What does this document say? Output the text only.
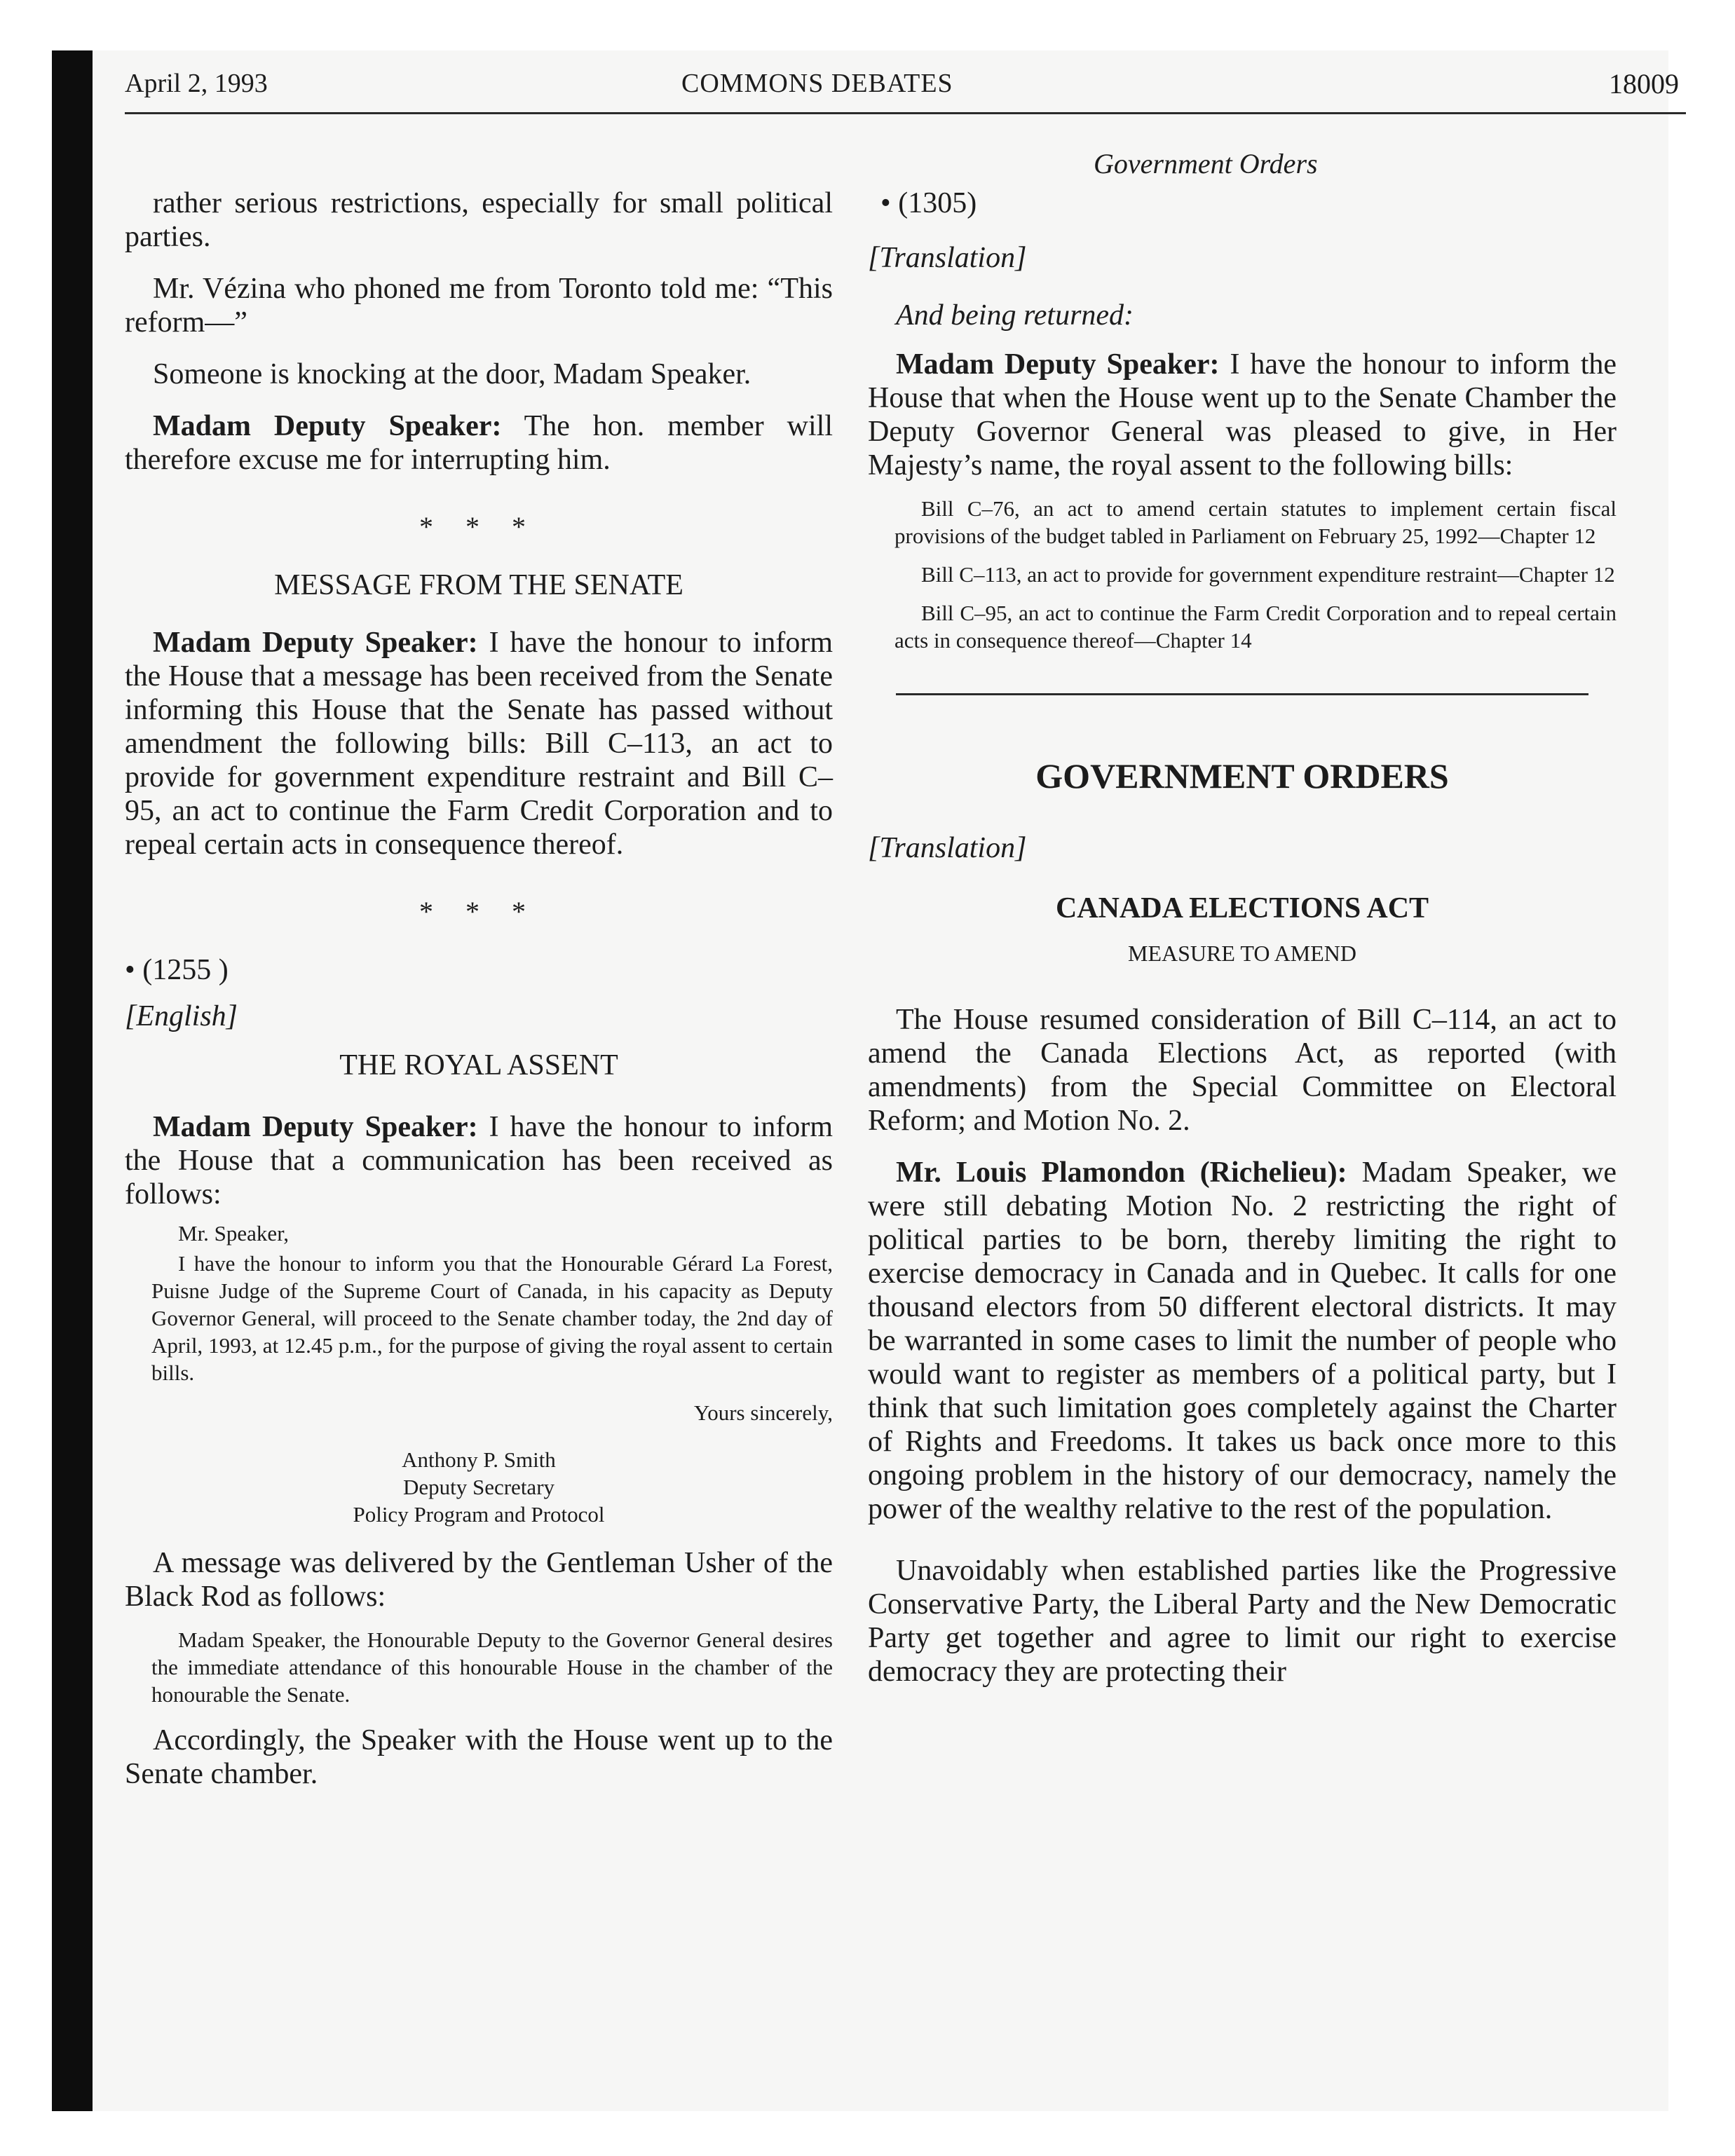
April 2, 1993	COMMONS DEBATES	18009
Government Orders

rather serious restrictions, especially for small political parties.

Mr. Vézina who phoned me from Toronto told me: “This reform—”

Someone is knocking at the door, Madam Speaker.

Madam Deputy Speaker: The hon. member will therefore excuse me for interrupting him.

* * *
MESSAGE FROM THE SENATE

Madam Deputy Speaker: I have the honour to inform the House that a message has been received from the Senate informing this House that the Senate has passed without amendment the following bills: Bill C–113, an act to provide for government expenditure restraint and Bill C–95, an act to continue the Farm Credit Corporation and to repeal certain acts in consequence thereof.

* * *

• (1255 )

[English]

THE ROYAL ASSENT

Madam Deputy Speaker: I have the honour to inform the House that a communication has been received as follows:

Mr. Speaker,

I have the honour to inform you that the Honourable Gérard La Forest, Puisne Judge of the Supreme Court of Canada, in his capacity as Deputy Governor General, will proceed to the Senate chamber today, the 2nd day of April, 1993, at 12.45 p.m., for the purpose of giving the royal assent to certain bills.

Yours sincerely,

Anthony P. Smith

Deputy Secretary

Policy Program and Protocol

A message was delivered by the Gentleman Usher of the Black Rod as follows:

Madam Speaker, the Honourable Deputy to the Governor General desires the immediate attendance of this honourable House in the chamber of the honourable the Senate.

Accordingly, the Speaker with the House went up to the Senate chamber.

• (1305)

[Translation]

And being returned:

Madam Deputy Speaker: I have the honour to inform the House that when the House went up to the Senate Chamber the Deputy Governor General was pleased to give, in Her Majesty’s name, the royal assent to the following bills:

Bill C–76, an act to amend certain statutes to implement certain fiscal provisions of the budget tabled in Parliament on February 25, 1992—Chapter 12

Bill C–113, an act to provide for government expenditure restraint—Chapter 12

Bill C–95, an act to continue the Farm Credit Corporation and to repeal certain acts in consequence thereof—Chapter 14

GOVERNMENT ORDERS

[Translation]

CANADA ELECTIONS ACT
MEASURE TO AMEND

The House resumed consideration of Bill C–114, an act to amend the Canada Elections Act, as reported (with amendments) from the Special Committee on Electoral Reform; and Motion No. 2.

Mr. Louis Plamondon (Richelieu): Madam Speaker, we were still debating Motion No. 2 restricting the right of political parties to be born, thereby limiting the right to exercise democracy in Canada and in Quebec. It calls for one thousand electors from 50 different electoral districts. It may be warranted in some cases to limit the number of people who would want to register as members of a political party, but I think that such limitation goes completely against the Charter of Rights and Freedoms. It takes us back once more to this ongoing problem in the history of our democracy, namely the power of the wealthy relative to the rest of the population.

Unavoidably when established parties like the Progressive Conservative Party, the Liberal Party and the New Democratic Party get together and agree to limit our right to exercise democracy they are protecting their
